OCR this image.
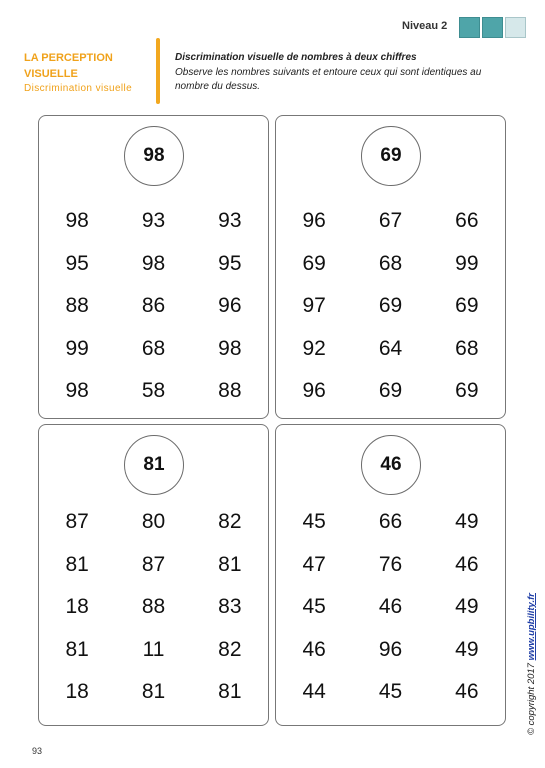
Niveau 2
LA PERCEPTION VISUELLE
Discrimination visuelle
Discrimination visuelle de nombres à deux chiffres
Observe les nombres suivants et entoure ceux qui sont identiques au nombre du dessus.
98
98	93	93
95	98	95
88	86	96
99	68	98
98	58	88
69
96	67	66
69	68	99
97	69	69
92	64	68
96	69	69
81
87	80	82
81	87	81
18	88	83
81	11	82
18	81	81
46
45	66	49
47	76	46
45	46	49
46	96	49
44	45	46	© copyright 2017 www.upbility.fr
93
